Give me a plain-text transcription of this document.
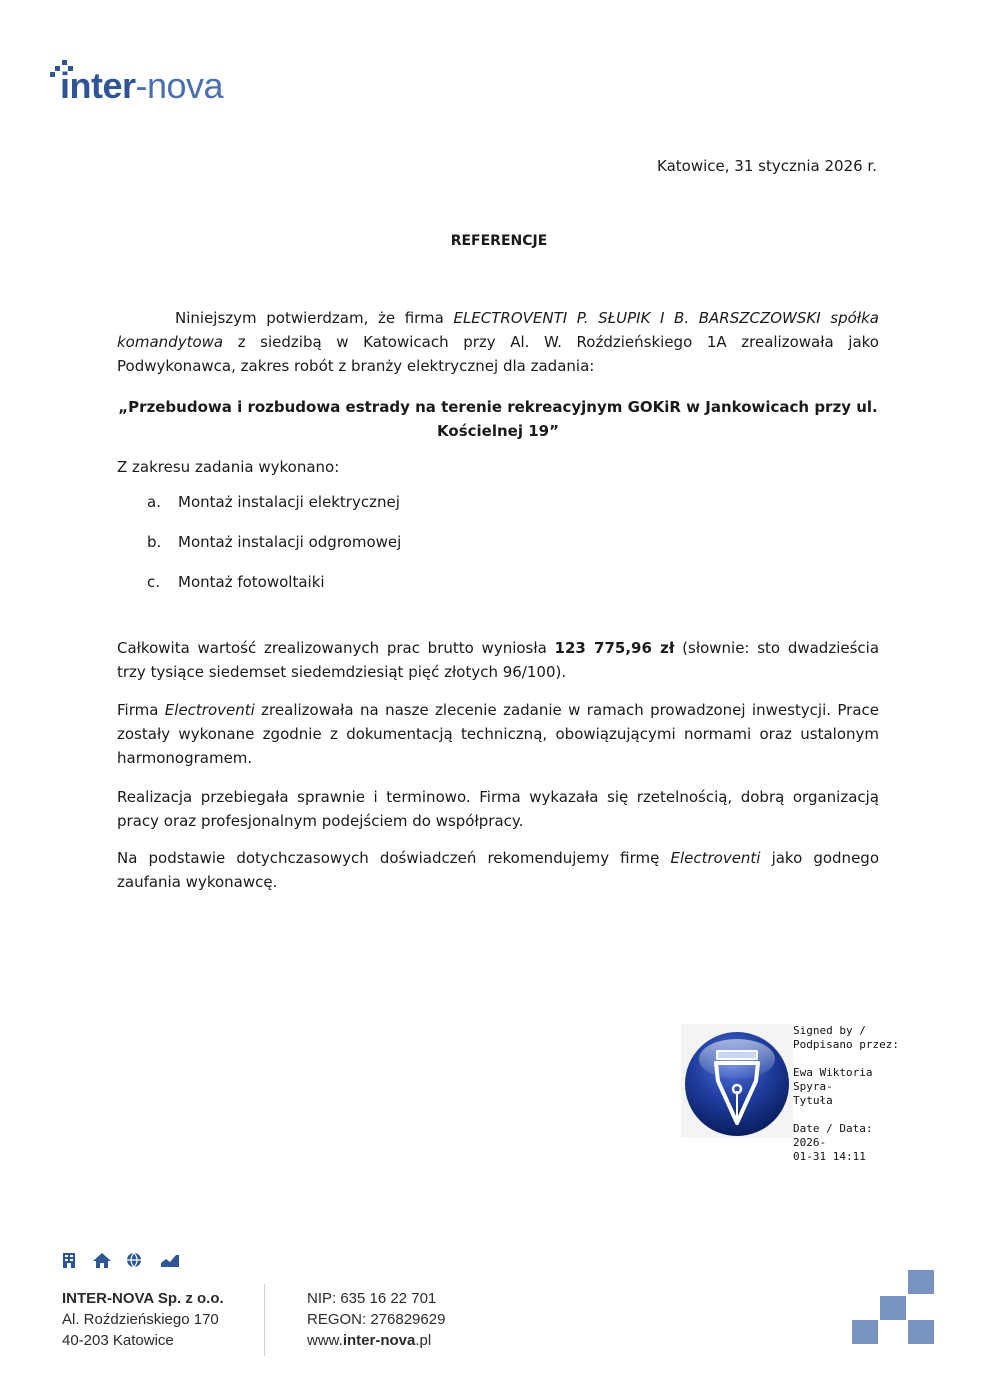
inter-nova
Katowice, 31 stycznia 2026 r.
REFERENCJE
Niniejszym potwierdzam, że firma ELECTROVENTI P. SŁUPIK I B. BARSZCZOWSKI spółka komandytowa z siedzibą w Katowicach przy Al. W. Roździeńskiego 1A zrealizowała jako Podwykonawca, zakres robót z branży elektrycznej dla zadania:
„Przebudowa i rozbudowa estrady na terenie rekreacyjnym GOKiR w Jankowicach przy ul.
Kościelnej 19”
Z zakresu zadania wykonano:
a.	Montaż instalacji elektrycznej
b.	Montaż instalacji odgromowej
c.	Montaż fotowoltaiki
Całkowita wartość zrealizowanych prac brutto wyniosła 123 775,96 zł (słownie: sto dwadzieścia trzy tysiące siedemset siedemdziesiąt pięć złotych 96/100).
Firma Electroventi zrealizowała na nasze zlecenie zadanie w ramach prowadzonej inwestycji. Prace zostały wykonane zgodnie z dokumentacją techniczną, obowiązującymi normami oraz ustalonym harmonogramem.
Realizacja przebiegała sprawnie i terminowo. Firma wykazała się rzetelnością, dobrą organizacją pracy oraz profesjonalnym podejściem do współpracy.
Na podstawie dotychczasowych doświadczeń rekomendujemy firmę Electroventi jako godnego zaufania wykonawcę.
Signed by /
Podpisano przez:
Ewa Wiktoria Spyra-
Tytuła
Date / Data: 2026-
01-31 14:11
INTER-NOVA Sp. z o.o.
Al. Roździeńskiego 170
40-203 Katowice
NIP: 635 16 22 701
REGON: 276829629
www.inter-nova.pl
